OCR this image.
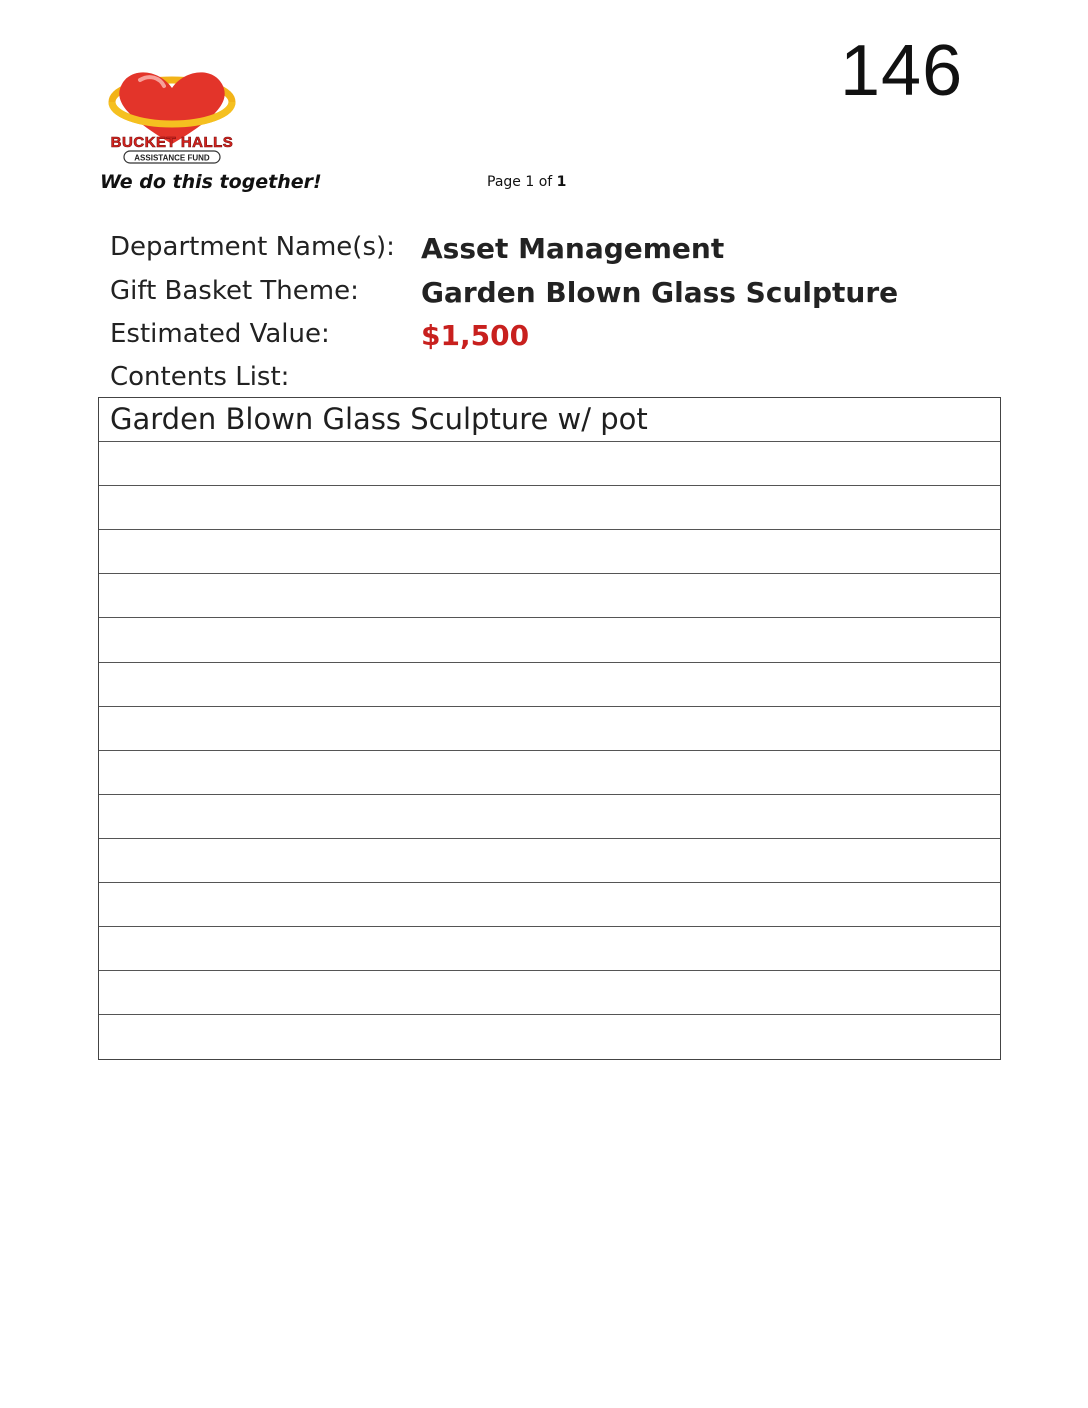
146
BUCKET HALLS
ASSISTANCE FUND
We do this together!	Page 1 of 1
Department Name(s): Asset Management
Gift Basket Theme: Garden Blown Glass Sculpture
Estimated Value:	$1,500
Contents List:
Garden Blown Glass Sculpture w/ pot
